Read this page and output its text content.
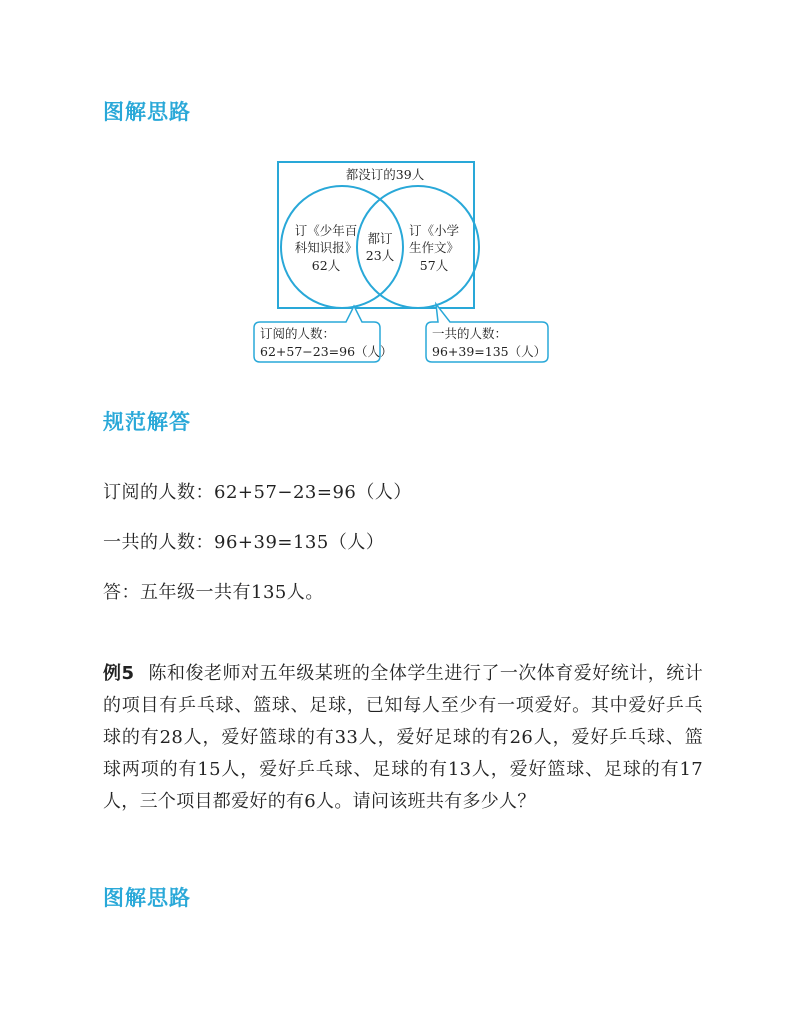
图解思路
都没订的39人
订《少年百
科知识报》
62人
都订
23人
订《小学
生作文》
57人
订阅的人数：
62+57−23=96（人）
一共的人数：
96+39=135（人）
规范解答
订阅的人数：62+57−23=96（人）
一共的人数：96+39=135（人）
答：五年级一共有135人。
例5 陈和俊老师对五年级某班的全体学生进行了一次体育爱好统计，统计的项目有乒乓球、篮球、足球，已知每人至少有一项爱好。其中爱好乒乓球的有28人，爱好篮球的有33人，爱好足球的有26人，爱好乒乓球、篮球两项的有15人，爱好乒乓球、足球的有13人，爱好篮球、足球的有17人，三个项目都爱好的有6人。请问该班共有多少人？
图解思路
